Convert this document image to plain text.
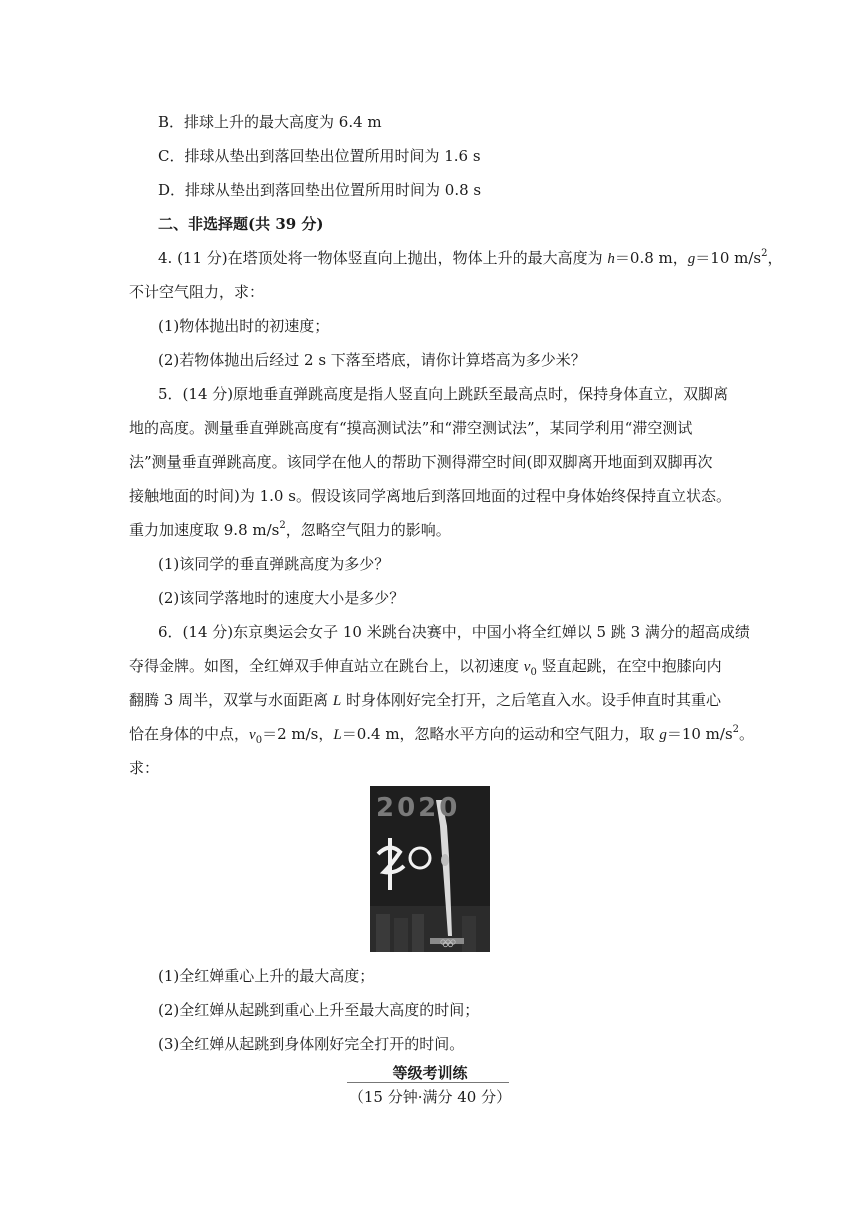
B．排球上升的最大高度为 6.4 m
C．排球从垫出到落回垫出位置所用时间为 1.6 s
D．排球从垫出到落回垫出位置所用时间为 0.8 s
二、非选择题(共 39 分)
4. (11 分)在塔顶处将一物体竖直向上抛出，物体上升的最大高度为 h＝0.8 m，g＝10 $m/s^2$，
不计空气阻力，求：
(1)物体抛出时的初速度；
(2)若物体抛出后经过 2 s 下落至塔底，请你计算塔高为多少米？
5．(14 分)原地垂直弹跳高度是指人竖直向上跳跃至最高点时，保持身体直立，双脚离
地的高度。测量垂直弹跳高度有“摸高测试法”和“滞空测试法”，某同学利用“滞空测试
法”测量垂直弹跳高度。该同学在他人的帮助下测得滞空时间(即双脚离开地面到双脚再次
接触地面的时间)为 1.0 s。假设该同学离地后到落回地面的过程中身体始终保持直立状态。
重力加速度取 9.8 $m/s^2$，忽略空气阻力的影响。
(1)该同学的垂直弹跳高度为多少？
(2)该同学落地时的速度大小是多少？
6．(14 分)东京奥运会女子 10 米跳台决赛中，中国小将全红婵以 5 跳 3 满分的超高成绩
夺得金牌。如图，全红婵双手伸直站立在跳台上，以初速度 $v_0$ 竖直起跳，在空中抱膝向内
翻腾 3 周半，双掌与水面距离 L 时身体刚好完全打开，之后笔直入水。设手伸直时其重心
恰在身体的中点，$v_0=2$ m/s，L＝0.4 m，忽略水平方向的运动和空气阻力，取 g＝10 $m/s^2$。
求：
2020
(1)全红婵重心上升的最大高度；
(2)全红婵从起跳到重心上升至最大高度的时间；
(3)全红婵从起跳到身体刚好完全打开的时间。
等级考训练
（15 分钟·满分 40 分）
